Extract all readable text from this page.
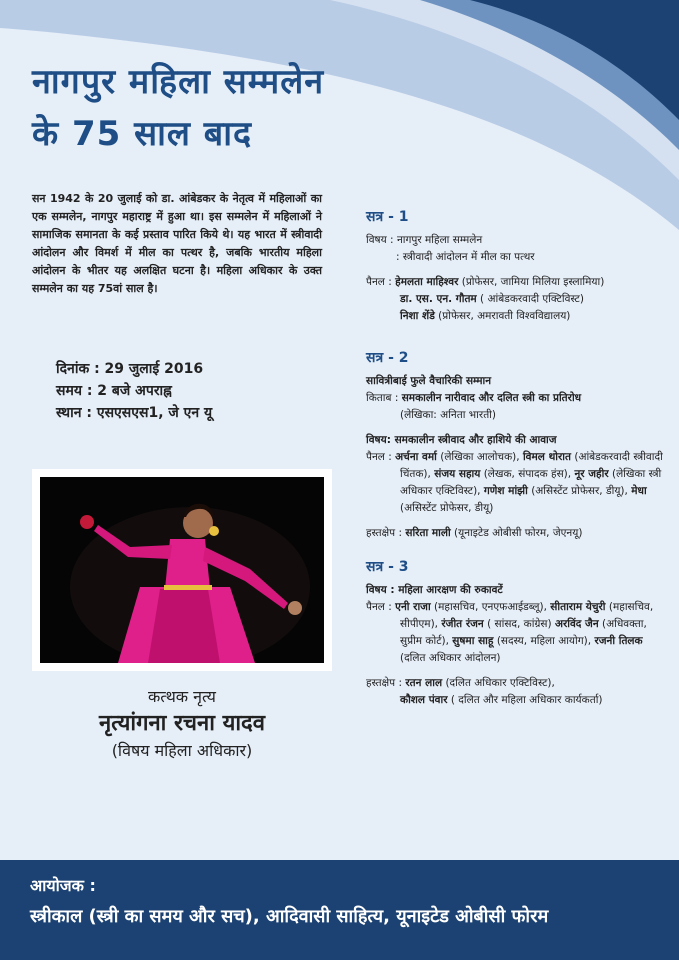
नागपुर महिला सम्मलेन
के 75 साल बाद

सन 1942 के 20 जुलाई को डा. आंबेडकर के नेतृत्व में महिलाओं का एक सम्मलेन, नागपुर महाराष्ट्र में हुआ था। इस सम्मलेन में महिलाओं ने सामाजिक समानता के कई प्रस्ताव पारित किये थे। यह भारत में स्त्रीवादी आंदोलन और विमर्श में मील का पत्थर है, जबकि भारतीय महिला आंदोलन के भीतर यह अलक्षित घटना है। महिला अधिकार के उक्त सम्मलेन का यह 75वां साल है।

दिनांक : 29 जुलाई 2016
समय : 2 बजे अपराह्न
स्थान : एसएसएस1, जे एन यू
कत्थक नृत्य
नृत्यांगना रचना यादव
(विषय महिला अधिकार)
सत्र - 1
विषय : नागपुर महिला सम्मलेन
: स्त्रीवादी आंदोलन में मील का पत्थर
पैनल : हेमलता माहिश्वर (प्रोफेसर, जामिया मिलिया इस्लामिया)
डा. एस. एन. गौतम ( आंबेडकरवादी एक्टिविस्ट)
निशा शेंडे (प्रोफेसर, अमरावती विश्वविद्यालय)
सत्र - 2
सावित्रीबाई फुले वैचारिकी सम्मान
किताब : समकालीन नारीवाद और दलित स्त्री का प्रतिरोध
(लेखिका: अनिता भारती)
विषय: समकालीन स्त्रीवाद और हाशिये की आवाज
पैनल : अर्चना वर्मा (लेखिका आलोचक), विमल थोरात (आंबेडकरवादी स्त्रीवादी चिंतक), संजय सहाय (लेखक, संपादक हंस), नूर जहीर (लेखिका स्त्री अधिकार एक्टिविस्ट), गणेश मांझी (असिस्टेंट प्रोफेसर, डीयू), मेधा (असिस्टेंट प्रोफेसर, डीयू)
हस्तक्षेप : सरिता माली (यूनाइटेड ओबीसी फोरम, जेएनयू)
सत्र - 3
विषय : महिला आरक्षण की रुकावटें
पैनल : एनी राजा (महासचिव, एनएफआईडब्लू), सीताराम येचुरी (महासचिव, सीपीएम), रंजीत रंजन ( सांसद, कांग्रेस) अरविंद जैन (अधिवक्ता, सुप्रीम कोर्ट), सुषमा साहू (सदस्य, महिला आयोग), रजनी तिलक (दलित अधिकार आंदोलन)
हस्तक्षेप : रतन लाल (दलित अधिकार एक्टिविस्ट),
कौशल पंवार ( दलित और महिला अधिकार कार्यकर्ता)
आयोजक :
स्त्रीकाल (स्त्री का समय और सच), आदिवासी साहित्य, यूनाइटेड ओबीसी फोरम
